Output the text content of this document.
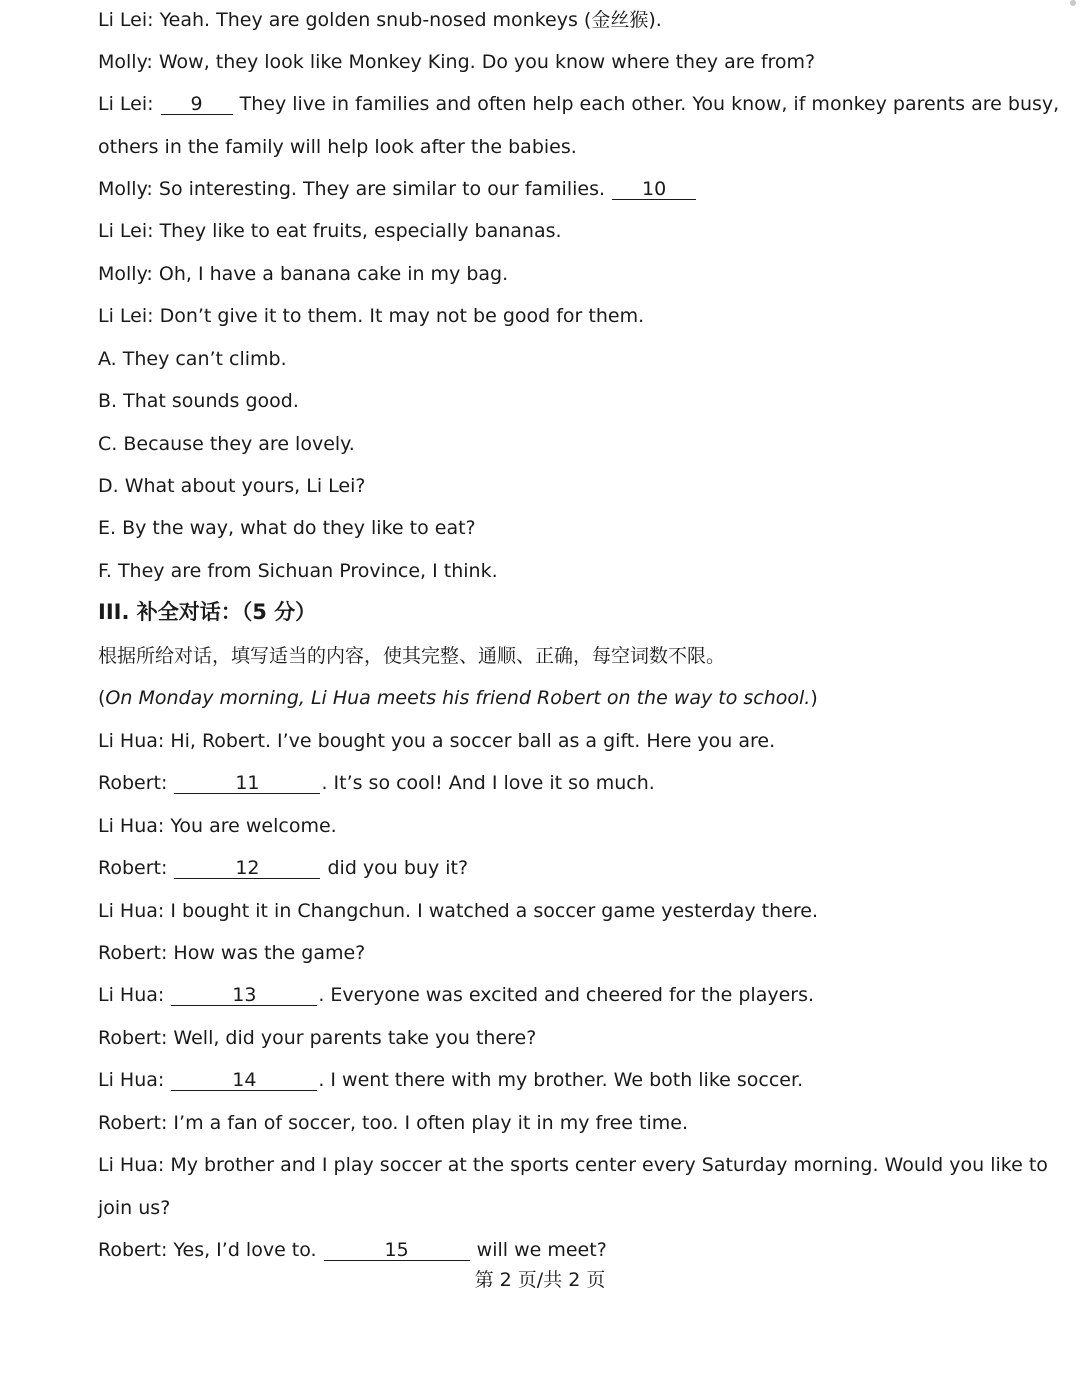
Li Lei: Yeah. They are golden snub-nosed monkeys (金丝猴).
Molly: Wow, they look like Monkey King. Do you know where they are from?
Li Lei: 9 They live in families and often help each other. You know, if monkey parents are busy,
others in the family will help look after the babies.
Molly: So interesting. They are similar to our families. 10
Li Lei: They like to eat fruits, especially bananas.
Molly: Oh, I have a banana cake in my bag.
Li Lei: Don’t give it to them. It may not be good for them.
A. They can’t climb.
B. That sounds good.
C. Because they are lovely.
D. What about yours, Li Lei?
E. By the way, what do they like to eat?
F. They are from Sichuan Province, I think.
III. 补全对话：（5 分）
根据所给对话，填写适当的内容，使其完整、通顺、正确，每空词数不限。
(On Monday morning, Li Hua meets his friend Robert on the way to school.)
Li Hua: Hi, Robert. I’ve bought you a soccer ball as a gift. Here you are.
Robert:	11	. It’s so cool! And I love it so much.
Li Hua: You are welcome.
Robert:	12	did you buy it?
Li Hua: I bought it in Changchun. I watched a soccer game yesterday there.
Robert: How was the game?
Li Hua:	13	. Everyone was excited and cheered for the players.
Robert: Well, did your parents take you there?
Li Hua:	14	. I went there with my brother. We both like soccer.
Robert: I’m a fan of soccer, too. I often play it in my free time.
Li Hua: My brother and I play soccer at the sports center every Saturday morning. Would you like to
join us?
Robert: Yes, I’d love to.	15	will we meet?
第 2 页/共 2 页
